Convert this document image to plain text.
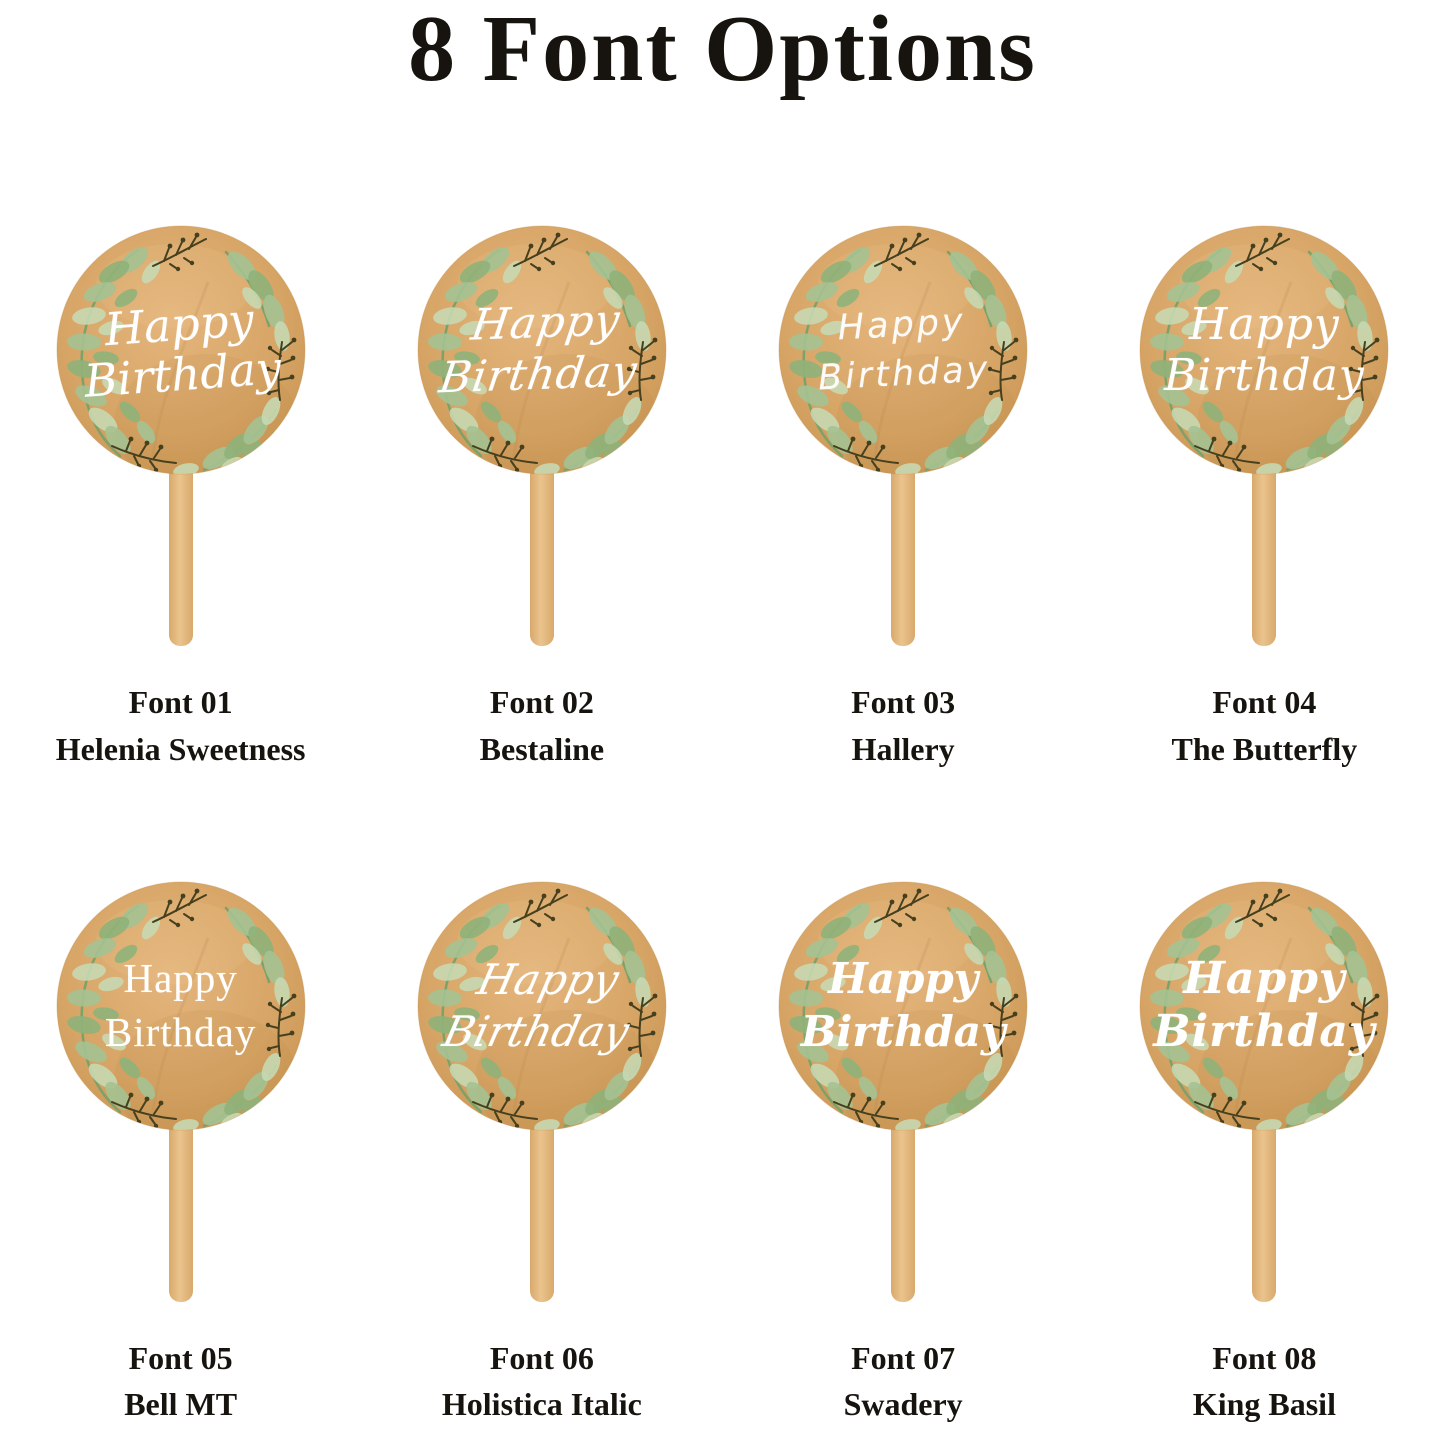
8 Font Options
Happy
Birthday
Font 01
Helenia Sweetness
Happy
Birthday
Font 02
Bestaline
Happy
Birthday
Font 03
Hallery
Happy
Birthday
Font 04
The Butterfly
Happy
Birthday
Font 05
Bell MT
Happy
Birthday
Font 06
Holistica Italic
Happy
Birthday
Font 07
Swadery
Happy
Birthday
Font 08
King Basil
